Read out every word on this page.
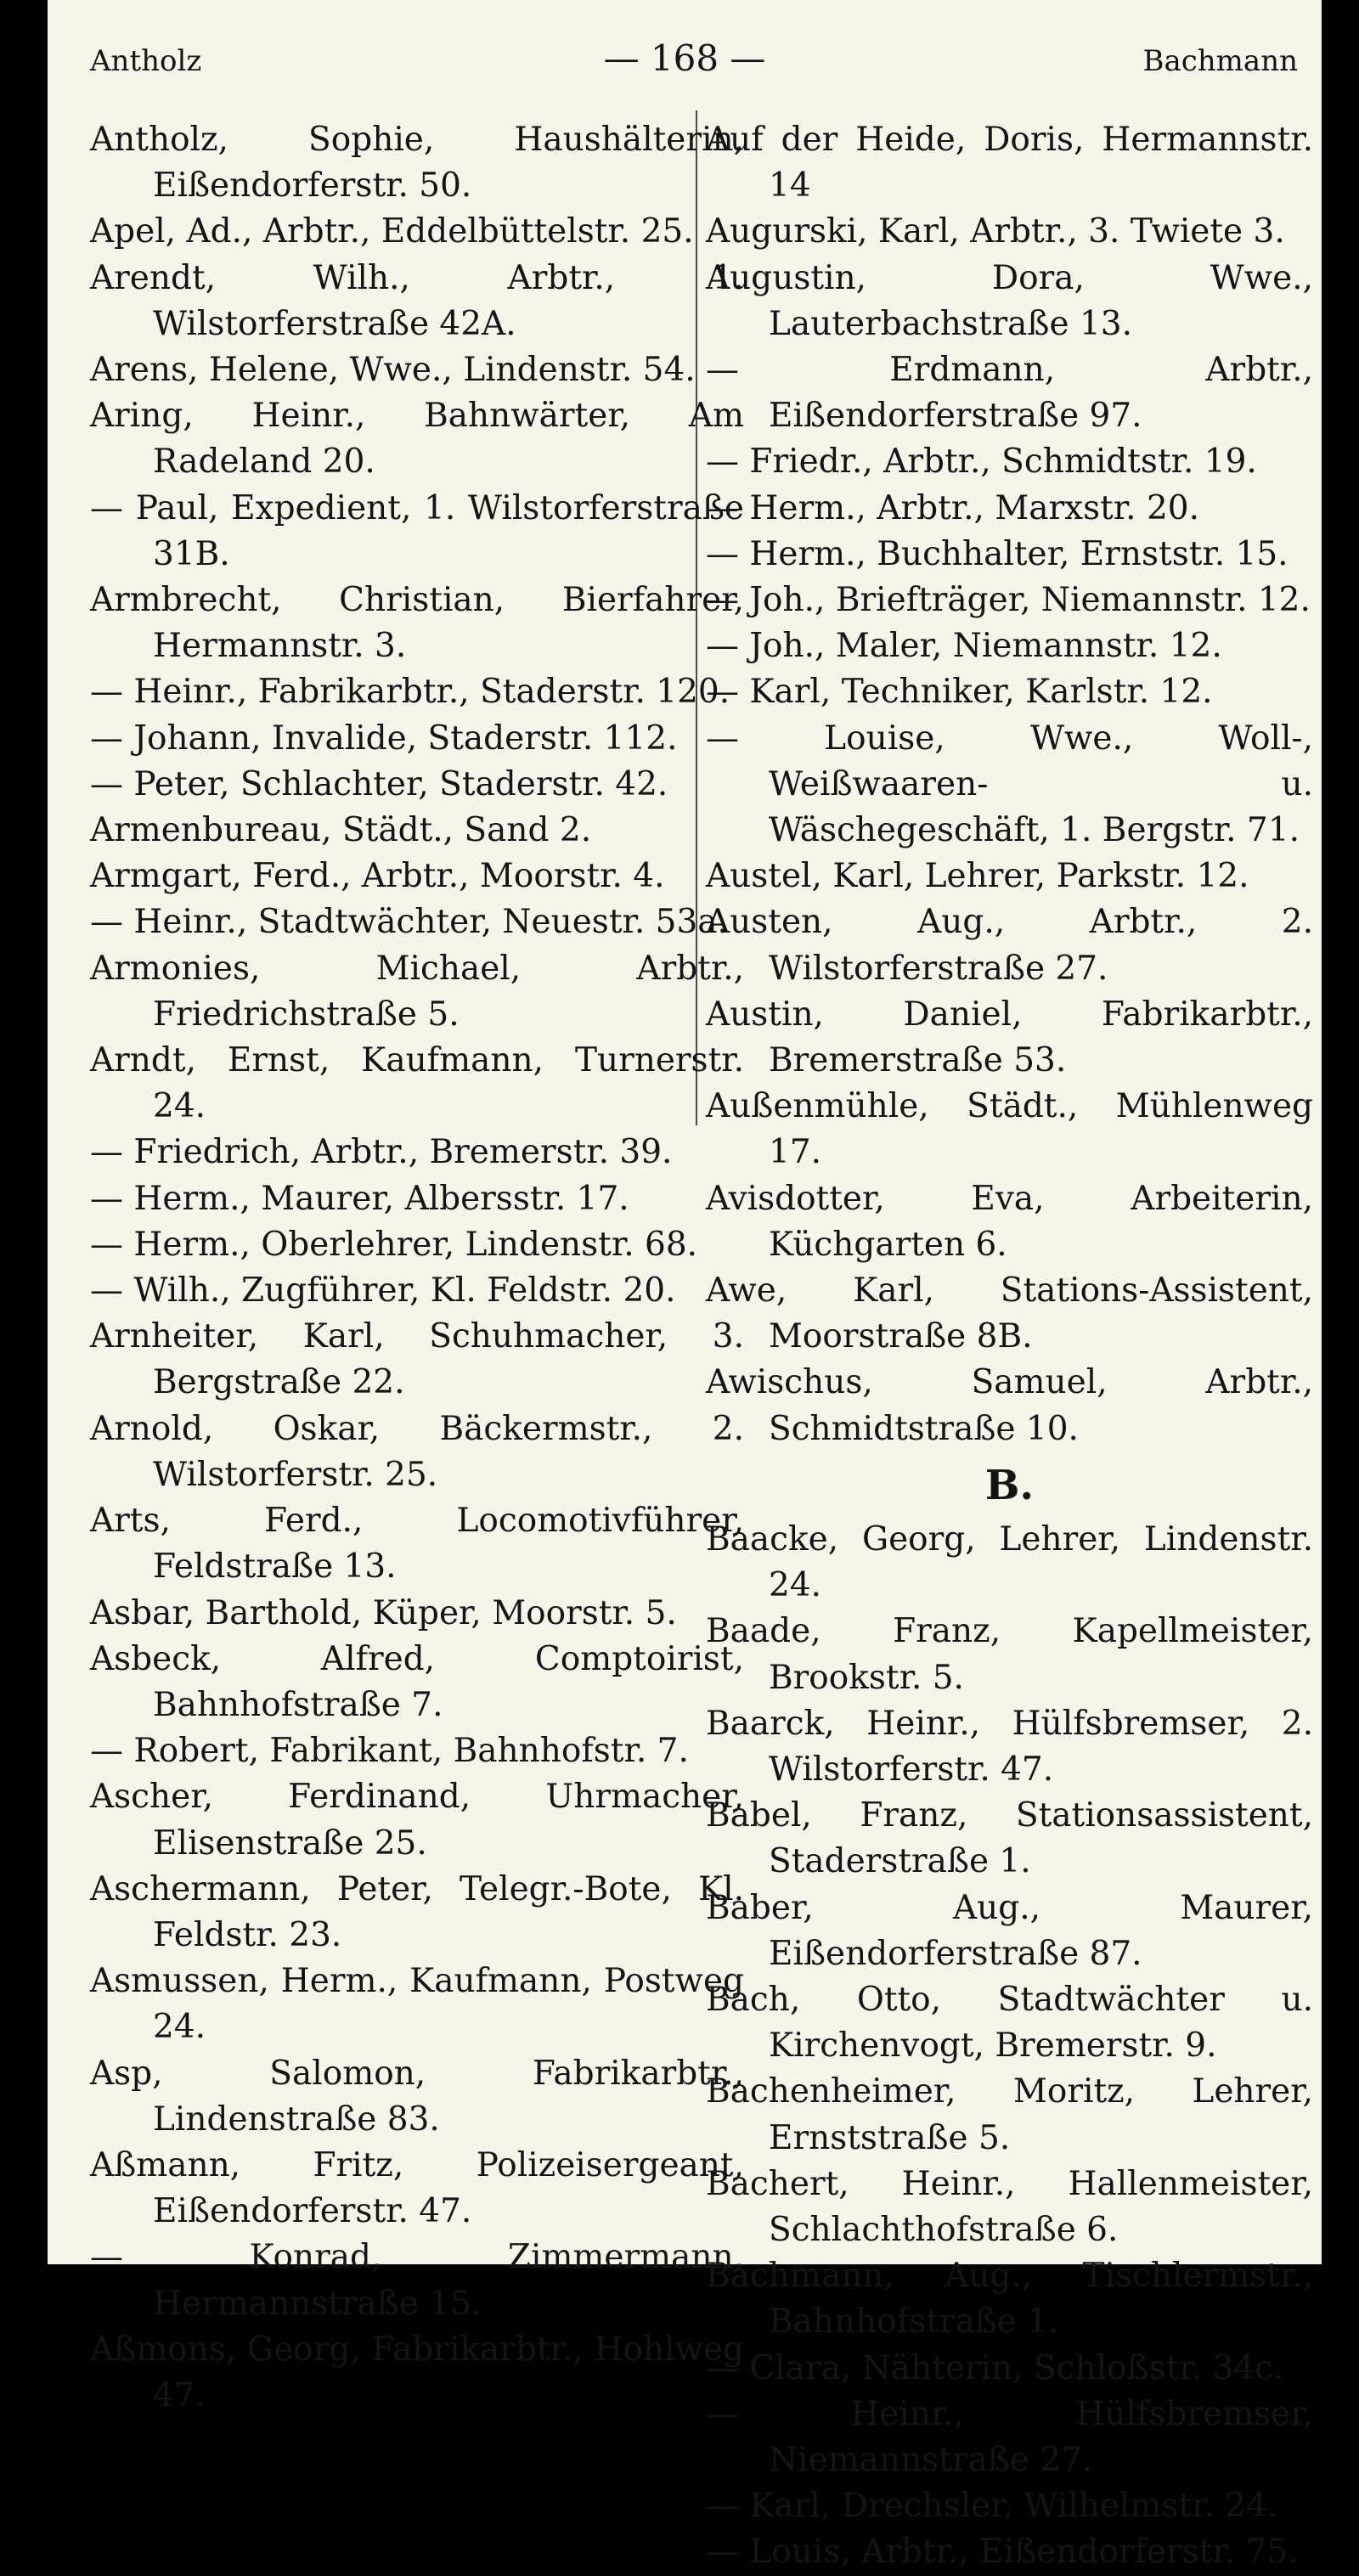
Antholz	— 168 —	Bachmann
Antholz, Sophie, Haushälterin, Eißendorferstr. 50.
Apel, Ad., Arbtr., Eddelbüttelstr. 25.
Arendt, Wilh., Arbtr., 1. Wilstorferstraße 42A.
Arens, Helene, Wwe., Lindenstr. 54.
Aring, Heinr., Bahnwärter, Am Radeland 20.
— Paul, Expedient, 1. Wilstorferstraße 31B.
Armbrecht, Christian, Bierfahrer, Hermannstr. 3.
— Heinr., Fabrikarbtr., Staderstr. 120.
— Johann, Invalide, Staderstr. 112.
— Peter, Schlachter, Staderstr. 42.
Armenbureau, Städt., Sand 2.
Armgart, Ferd., Arbtr., Moorstr. 4.
— Heinr., Stadtwächter, Neuestr. 53a.
Armonies, Michael, Arbtr., Friedrichstraße 5.
Arndt, Ernst, Kaufmann, Turnerstr. 24.
— Friedrich, Arbtr., Bremerstr. 39.
— Herm., Maurer, Albersstr. 17.
— Herm., Oberlehrer, Lindenstr. 68.
— Wilh., Zugführer, Kl. Feldstr. 20.
Arnheiter, Karl, Schuhmacher, 3. Bergstraße 22.
Arnold, Oskar, Bäckermstr., 2. Wilstorferstr. 25.
Arts, Ferd., Locomotivführer, Feldstraße 13.
Asbar, Barthold, Küper, Moorstr. 5.
Asbeck, Alfred, Comptoirist, Bahnhofstraße 7.
— Robert, Fabrikant, Bahnhofstr. 7.
Ascher, Ferdinand, Uhrmacher, Elisenstraße 25.
Aschermann, Peter, Telegr.-Bote, Kl. Feldstr. 23.
Asmussen, Herm., Kaufmann, Postweg 24.
Asp, Salomon, Fabrikarbtr., Lindenstraße 83.
Aßmann, Fritz, Polizeisergeant, Eißendorferstr. 47.
— Konrad, Zimmermann, Hermannstraße 15.
Aßmons, Georg, Fabrikarbtr., Hohlweg 47.
Auf der Heide, Doris, Hermannstr. 14
Augurski, Karl, Arbtr., 3. Twiete 3.
Augustin, Dora, Wwe., Lauterbachstraße 13.
— Erdmann, Arbtr., Eißendorferstraße 97.
— Friedr., Arbtr., Schmidtstr. 19.
— Herm., Arbtr., Marxstr. 20.
— Herm., Buchhalter, Ernststr. 15.
— Joh., Briefträger, Niemannstr. 12.
— Joh., Maler, Niemannstr. 12.
— Karl, Techniker, Karlstr. 12.
— Louise, Wwe., Woll-, Weißwaaren- u. Wäschegeschäft, 1. Bergstr. 71.
Austel, Karl, Lehrer, Parkstr. 12.
Austen, Aug., Arbtr., 2. Wilstorferstraße 27.
Austin, Daniel, Fabrikarbtr., Bremerstraße 53.
Außenmühle, Städt., Mühlenweg 17.
Avisdotter, Eva, Arbeiterin, Küchgarten 6.
Awe, Karl, Stations-Assistent, Moorstraße 8B.
Awischus, Samuel, Arbtr., Schmidtstraße 10.
B.
Baacke, Georg, Lehrer, Lindenstr. 24.
Baade, Franz, Kapellmeister, Brookstr. 5.
Baarck, Heinr., Hülfsbremser, 2. Wilstorferstr. 47.
Babel, Franz, Stationsassistent, Staderstraße 1.
Baber, Aug., Maurer, Eißendorferstraße 87.
Bach, Otto, Stadtwächter u. Kirchenvogt, Bremerstr. 9.
Bachenheimer, Moritz, Lehrer, Ernststraße 5.
Bachert, Heinr., Hallenmeister, Schlachthofstraße 6.
Bachmann, Aug., Tischlermstr., Bahnhofstraße 1.
— Clara, Nähterin, Schloßstr. 34c.
— Heinr., Hülfsbremser, Niemannstraße 27.
— Karl, Drechsler, Wilhelmstr. 24.
— Louis, Arbtr., Eißendorferstr. 75.
